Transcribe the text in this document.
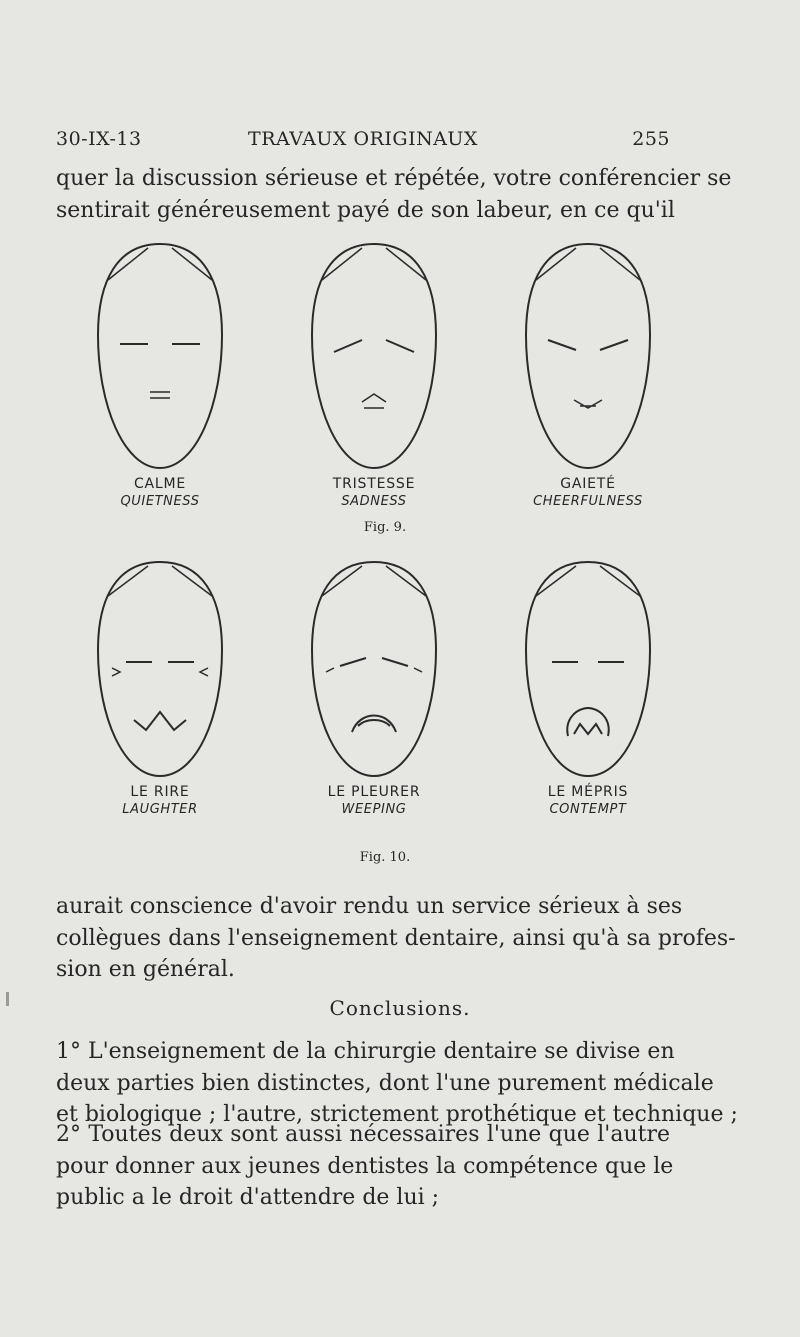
30-IX-13	TRAVAUX ORIGINAUX	255
quer la discussion sérieuse et répétée, votre conférencier se
sentirait généreusement payé de son labeur, en ce qu'il
CALME
QUIETNESS
TRISTESSE
SADNESS
GAIETÉ
CHEERFULNESS
Fig. 9.
LE RIRE
LAUGHTER
LE PLEURER
WEEPING
LE MÉPRIS
CONTEMPT
Fig. 10.
aurait conscience d'avoir rendu un service sérieux à ses
collègues dans l'enseignement dentaire, ainsi qu'à sa profes-
sion en général.
Conclusions.
1° L'enseignement de la chirurgie dentaire se divise en
deux parties bien distinctes, dont l'une purement médicale
et biologique ; l'autre, strictement prothétique et technique ;
2° Toutes deux sont aussi nécessaires l'une que l'autre
pour donner aux jeunes dentistes la compétence que le
public a le droit d'attendre de lui ;
